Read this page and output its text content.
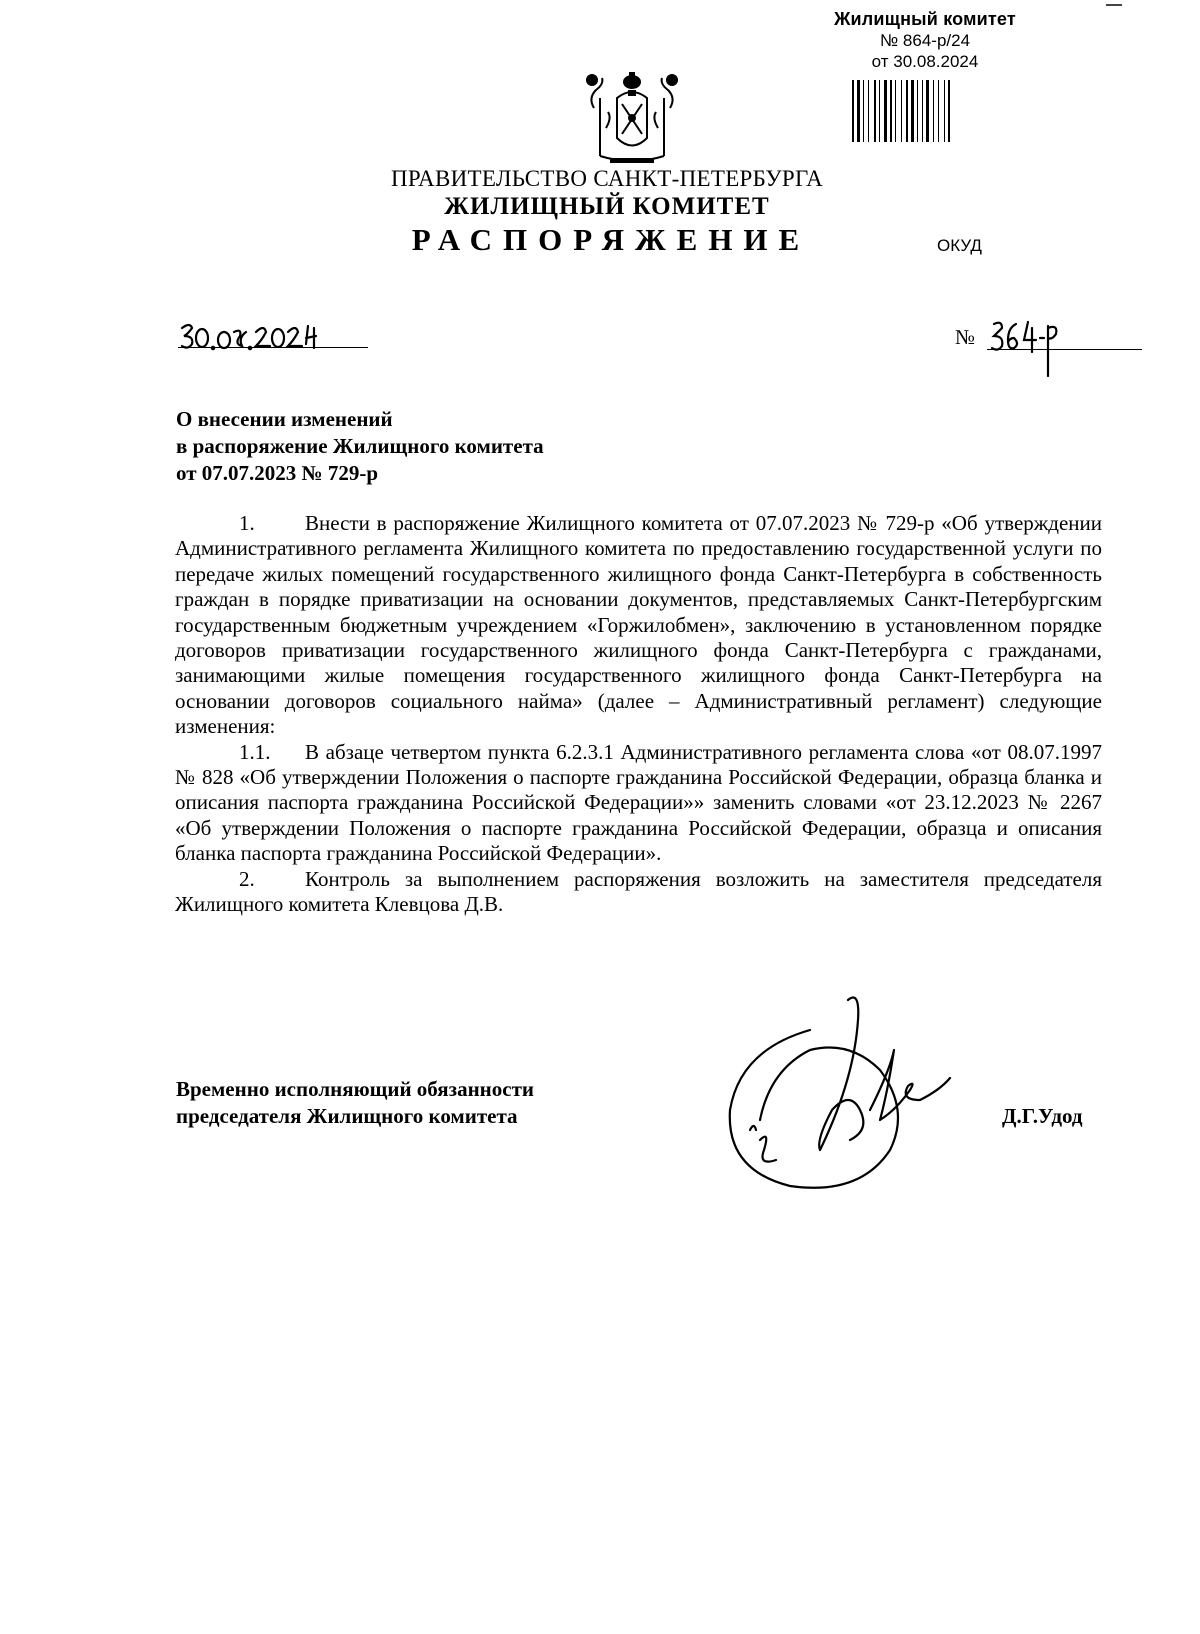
Жилищный комитет
№ 864-р/24
от 30.08.2024
ПРАВИТЕЛЬСТВО САНКТ-ПЕТЕРБУРГА
ЖИЛИЩНЫЙ КОМИТЕТ
РАСПОРЯЖЕНИЕ	ОКУД
№
О внесении изменений
в распоряжение Жилищного комитета
от 07.07.2023 № 729-р

1. Внести в распоряжение Жилищного комитета от 07.07.2023 № 729-р «Об утверждении Административного регламента Жилищного комитета по предоставлению государственной услуги по передаче жилых помещений государственного жилищного фонда Санкт-Петербурга в собственность граждан в порядке приватизации на основании документов, представляемых Санкт-Петербургским государственным бюджетным учреждением «Горжилобмен», заключению в установленном порядке договоров приватизации государственного жилищного фонда Санкт-Петербурга с гражданами, занимающими жилые помещения государственного жилищного фонда Санкт-Петербурга на основании договоров социального найма» (далее – Административный регламент) следующие изменения:

1.1. В абзаце четвертом пункта 6.2.3.1 Административного регламента слова «от 08.07.1997 № 828 «Об утверждении Положения о паспорте гражданина Российской Федерации, образца бланка и описания паспорта гражданина Российской Федерации»» заменить словами «от 23.12.2023 № 2267 «Об утверждении Положения о паспорте гражданина Российской Федерации, образца и описания бланка паспорта гражданина Российской Федерации».

2. Контроль за выполнением распоряжения возложить на заместителя председателя Жилищного комитета Клевцова Д.В.

Временно исполняющий обязанности
председателя Жилищного комитета	Д.Г.Удод
